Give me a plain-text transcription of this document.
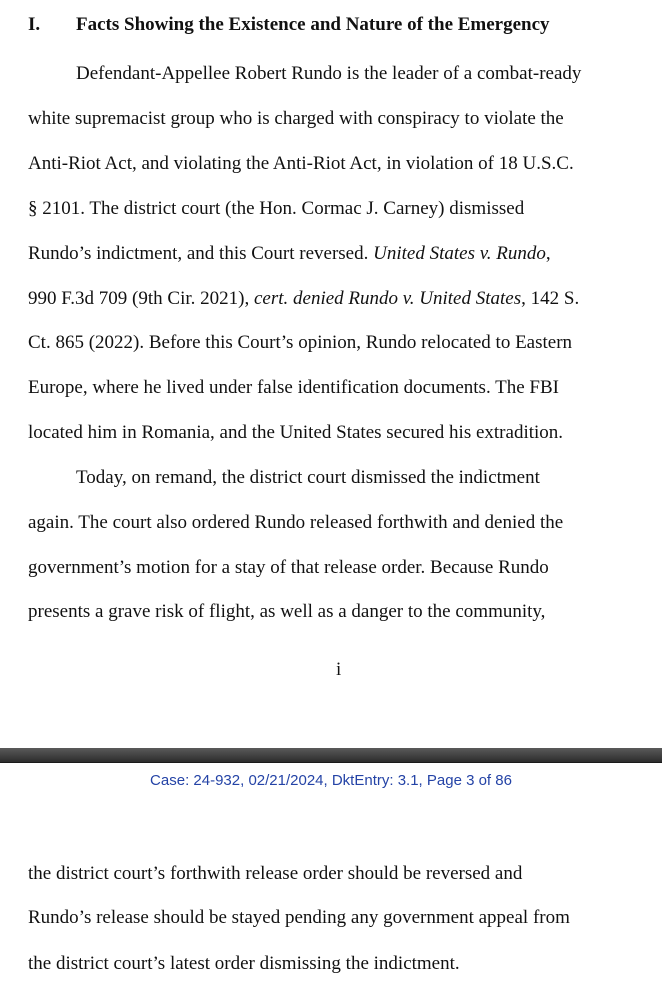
I. Facts Showing the Existence and Nature of the Emergency
Defendant-Appellee Robert Rundo is the leader of a combat-ready
white supremacist group who is charged with conspiracy to violate the
Anti-Riot Act, and violating the Anti-Riot Act, in violation of 18 U.S.C.
§ 2101. The district court (the Hon. Cormac J. Carney) dismissed
Rundo’s indictment, and this Court reversed. United States v. Rundo,
990 F.3d 709 (9th Cir. 2021), cert. denied Rundo v. United States, 142 S.
Ct. 865 (2022). Before this Court’s opinion, Rundo relocated to Eastern
Europe, where he lived under false identification documents. The FBI
located him in Romania, and the United States secured his extradition.
Today, on remand, the district court dismissed the indictment
again. The court also ordered Rundo released forthwith and denied the
government’s motion for a stay of that release order. Because Rundo
presents a grave risk of flight, as well as a danger to the community,
i
Case: 24-932, 02/21/2024, DktEntry: 3.1, Page 3 of 86
the district court’s forthwith release order should be reversed and
Rundo’s release should be stayed pending any government appeal from
the district court’s latest order dismissing the indictment.
